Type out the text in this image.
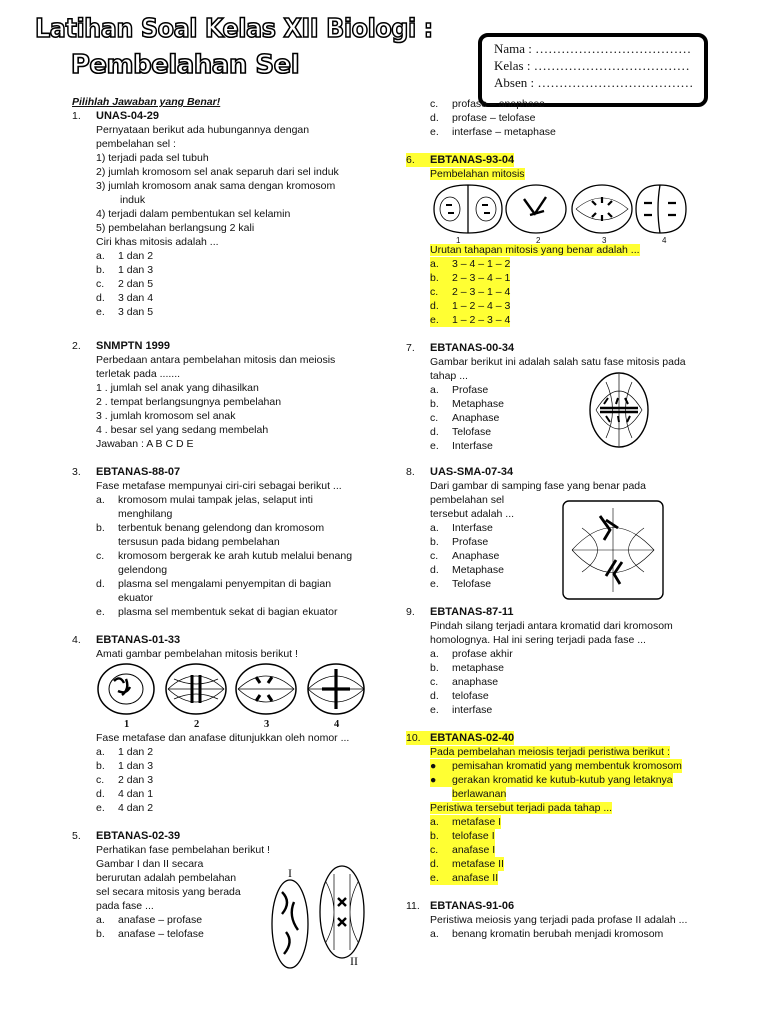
Latihan Soal Kelas XII Biologi :
Pembelahan Sel
Nama : ………………………………
Kelas : ………………………………
Absen : ………………………………
Pilihlah Jawaban yang Benar!
1.	UNAS-04-29
Pernyataan berikut ada hubungannya dengan
pembelahan sel :
1) terjadi pada sel tubuh
2) jumlah kromosom sel anak separuh dari sel induk
3) jumlah kromosom anak sama dengan kromosom
induk
4) terjadi dalam pembentukan sel kelamin
5) pembelahan berlangsung 2 kali
Ciri khas mitosis adalah ...
a.	1 dan 2
b.	1 dan 3
c.	2 dan 5
d.	3 dan 4
e.	3 dan 5
2.	SNMPTN 1999
Perbedaan antara pembelahan mitosis dan meiosis
terletak pada .......
1 . jumlah sel anak yang dihasilkan
2 . tempat berlangsungnya pembelahan
3 . jumlah kromosom sel anak
4 . besar sel yang sedang membelah
Jawaban : A B C D E
3.	EBTANAS-88-07
Fase metafase mempunyai ciri-ciri sebagai berikut ...
a.	kromosom mulai tampak jelas, selaput inti
menghilang
b.	terbentuk benang gelendong dan kromosom
tersusun pada bidang pembelahan
c.	kromosom bergerak ke arah kutub melalui benang
gelendong
d.	plasma sel mengalami penyempitan di bagian
ekuator
e.	plasma sel membentuk sekat di bagian ekuator
4.	EBTANAS-01-33
Amati gambar pembelahan mitosis berikut !
1	2	3	4
Fase metafase dan anafase ditunjukkan oleh nomor ...
a.	1 dan 2
b.	1 dan 3
c.	2 dan 3
d.	4 dan 1
e.	4 dan 2
5.	EBTANAS-02-39
Perhatikan fase pembelahan berikut !
Gambar I dan II secara
berurutan adalah pembelahan
sel secara mitosis yang berada
pada fase ...
a.	anafase – profase
b.	anafase – telofase
I
II
c.	profase – anaphase
d.	profase – telofase
e.	interfase – metaphase
6.	EBTANAS-93-04
Pembelahan mitosis
1	2	3	4
Urutan tahapan mitosis yang benar adalah ...
a.	3 – 4 – 1 – 2
b.	2 – 3 – 4 – 1
c.	2 – 3 – 1 – 4
d.	1 – 2 – 4 – 3
e.	1 – 2 – 3 – 4
7.	EBTANAS-00-34
Gambar berikut ini adalah salah satu fase mitosis pada
tahap ...
a.	Profase
b.	Metaphase
c.	Anaphase
d.	Telofase
e.	Interfase
8.	UAS-SMA-07-34
Dari gambar di samping fase yang benar pada
pembelahan sel
tersebut adalah ...
a.	Interfase
b.	Profase
c.	Anaphase
d.	Metaphase
e.	Telofase
9.	EBTANAS-87-11
Pindah silang terjadi antara kromatid dari kromosom
homolognya. Hal ini sering terjadi pada fase ...
a.	profase akhir
b.	metaphase
c.	anaphase
d.	telofase
e.	interfase
10. EBTANAS-02-40
Pada pembelahan meiosis terjadi peristiwa berikut :
●	pemisahan kromatid yang membentuk kromosom
●	gerakan kromatid ke kutub-kutub yang letaknya
berlawanan
Peristiwa tersebut terjadi pada tahap ...
a.	metafase I
b.	telofase I
c.	anafase I
d.	metafase II
e.	anafase II
11. EBTANAS-91-06
Peristiwa meiosis yang terjadi pada profase II adalah ...
a.	benang kromatin berubah menjadi kromosom
